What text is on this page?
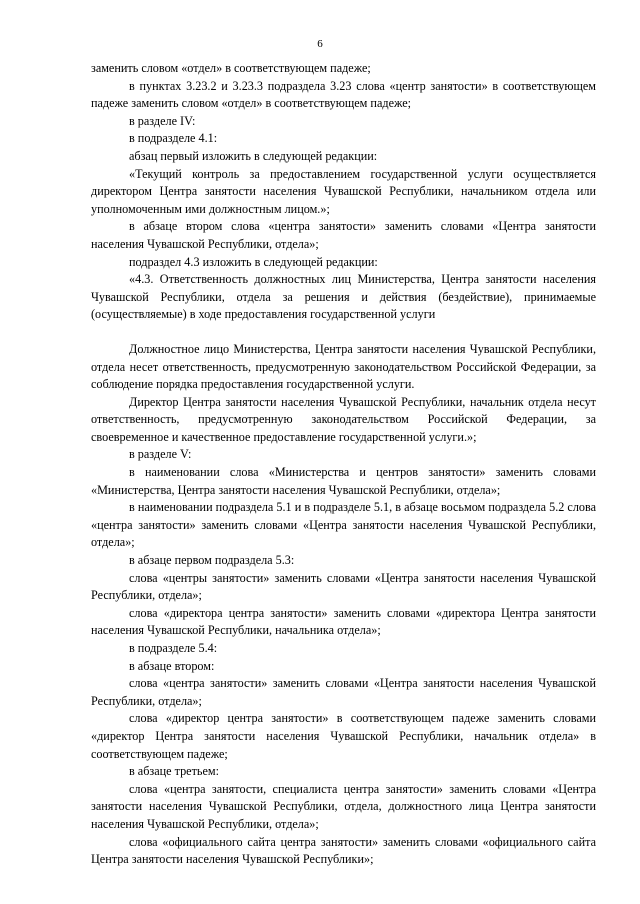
6

заменить словом «отдел» в соответствующем падеже;

в пунктах 3.23.2 и 3.23.3 подраздела 3.23 слова «центр занятости» в соответствующем падеже заменить словом «отдел» в соответствующем падеже;

в разделе IV:

в подразделе 4.1:

абзац первый изложить в следующей редакции:

«Текущий контроль за предоставлением государственной услуги осуществляется директором Центра занятости населения Чувашской Республики, начальником отдела или уполномоченным ими должностным лицом.»;

в абзаце втором слова «центра занятости» заменить словами «Центра занятости населения Чувашской Республики, отдела»;

подраздел 4.3 изложить в следующей редакции:

«4.3. Ответственность должностных лиц Министерства, Центра занятости населения Чувашской Республики, отдела за решения и действия (бездействие), принимаемые (осуществляемые) в ходе предоставления государственной услуги

Должностное лицо Министерства, Центра занятости населения Чувашской Республики, отдела несет ответственность, предусмотренную законодательством Российской Федерации, за соблюдение порядка предоставления государственной услуги.

Директор Центра занятости населения Чувашской Республики, начальник отдела несут ответственность, предусмотренную законодательством Российской Федерации, за своевременное и качественное предоставление государственной услуги.»;

в разделе V:

в наименовании слова «Министерства и центров занятости» заменить словами «Министерства, Центра занятости населения Чувашской Республики, отдела»;

в наименовании подраздела 5.1 и в подразделе 5.1, в абзаце восьмом подраздела 5.2 слова «центра занятости» заменить словами «Центра занятости населения Чувашской Республики, отдела»;

в абзаце первом подраздела 5.3:

слова «центры занятости» заменить словами «Центра занятости населения Чувашской Республики, отдела»;

слова «директора центра занятости» заменить словами «директора Центра занятости населения Чувашской Республики, начальника отдела»;

в подразделе 5.4:

в абзаце втором:

слова «центра занятости» заменить словами «Центра занятости населения Чувашской Республики, отдела»;

слова «директор центра занятости» в соответствующем падеже заменить словами «директор Центра занятости населения Чувашской Республики, начальник отдела» в соответствующем падеже;

в абзаце третьем:

слова «центра занятости, специалиста центра занятости» заменить словами «Центра занятости населения Чувашской Республики, отдела, должностного лица Центра занятости населения Чувашской Республики, отдела»;

слова «официального сайта центра занятости» заменить словами «официального сайта Центра занятости населения Чувашской Республики»;
